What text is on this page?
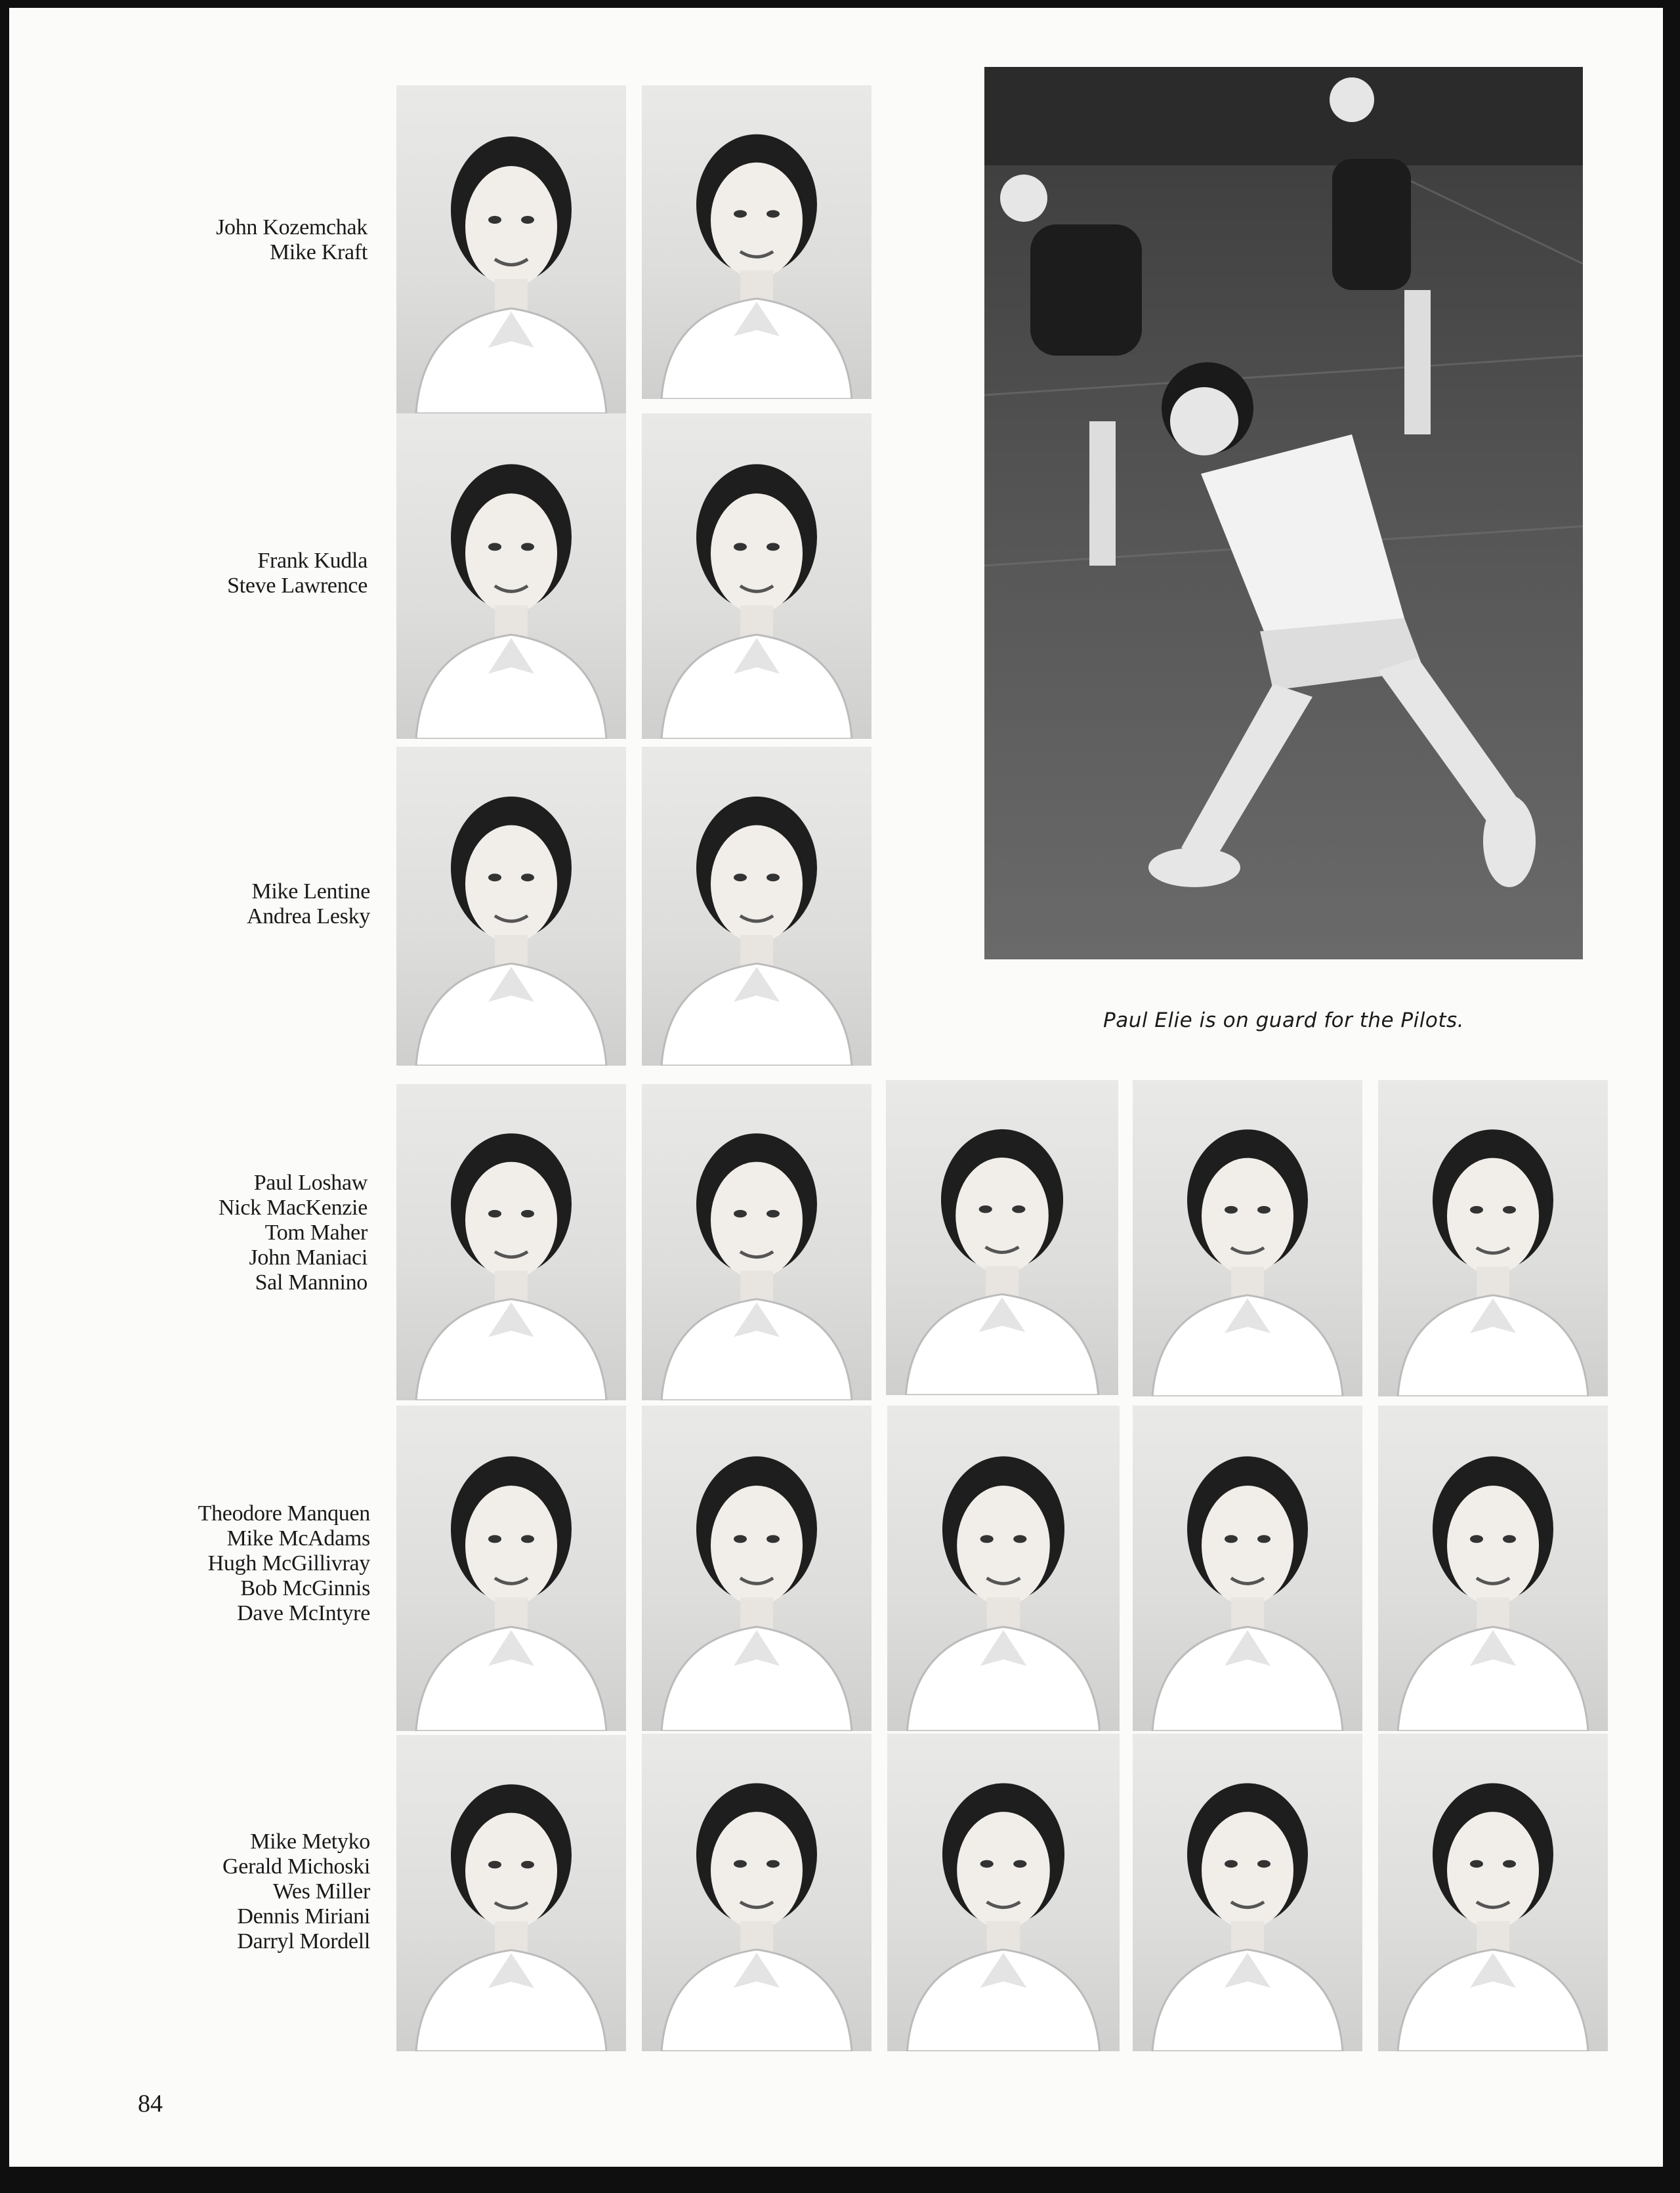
John Kozemchak
Mike Kraft
Frank Kudla
Steve Lawrence
Mike Lentine
Andrea Lesky
Paul Loshaw
Nick MacKenzie
Tom Maher
John Maniaci
Sal Mannino
Theodore Manquen
Mike McAdams
Hugh McGillivray
Bob McGinnis
Dave McIntyre
Mike Metyko
Gerald Michoski
Wes Miller
Dennis Miriani
Darryl Mordell
Paul Elie is on guard for the Pilots.
84
